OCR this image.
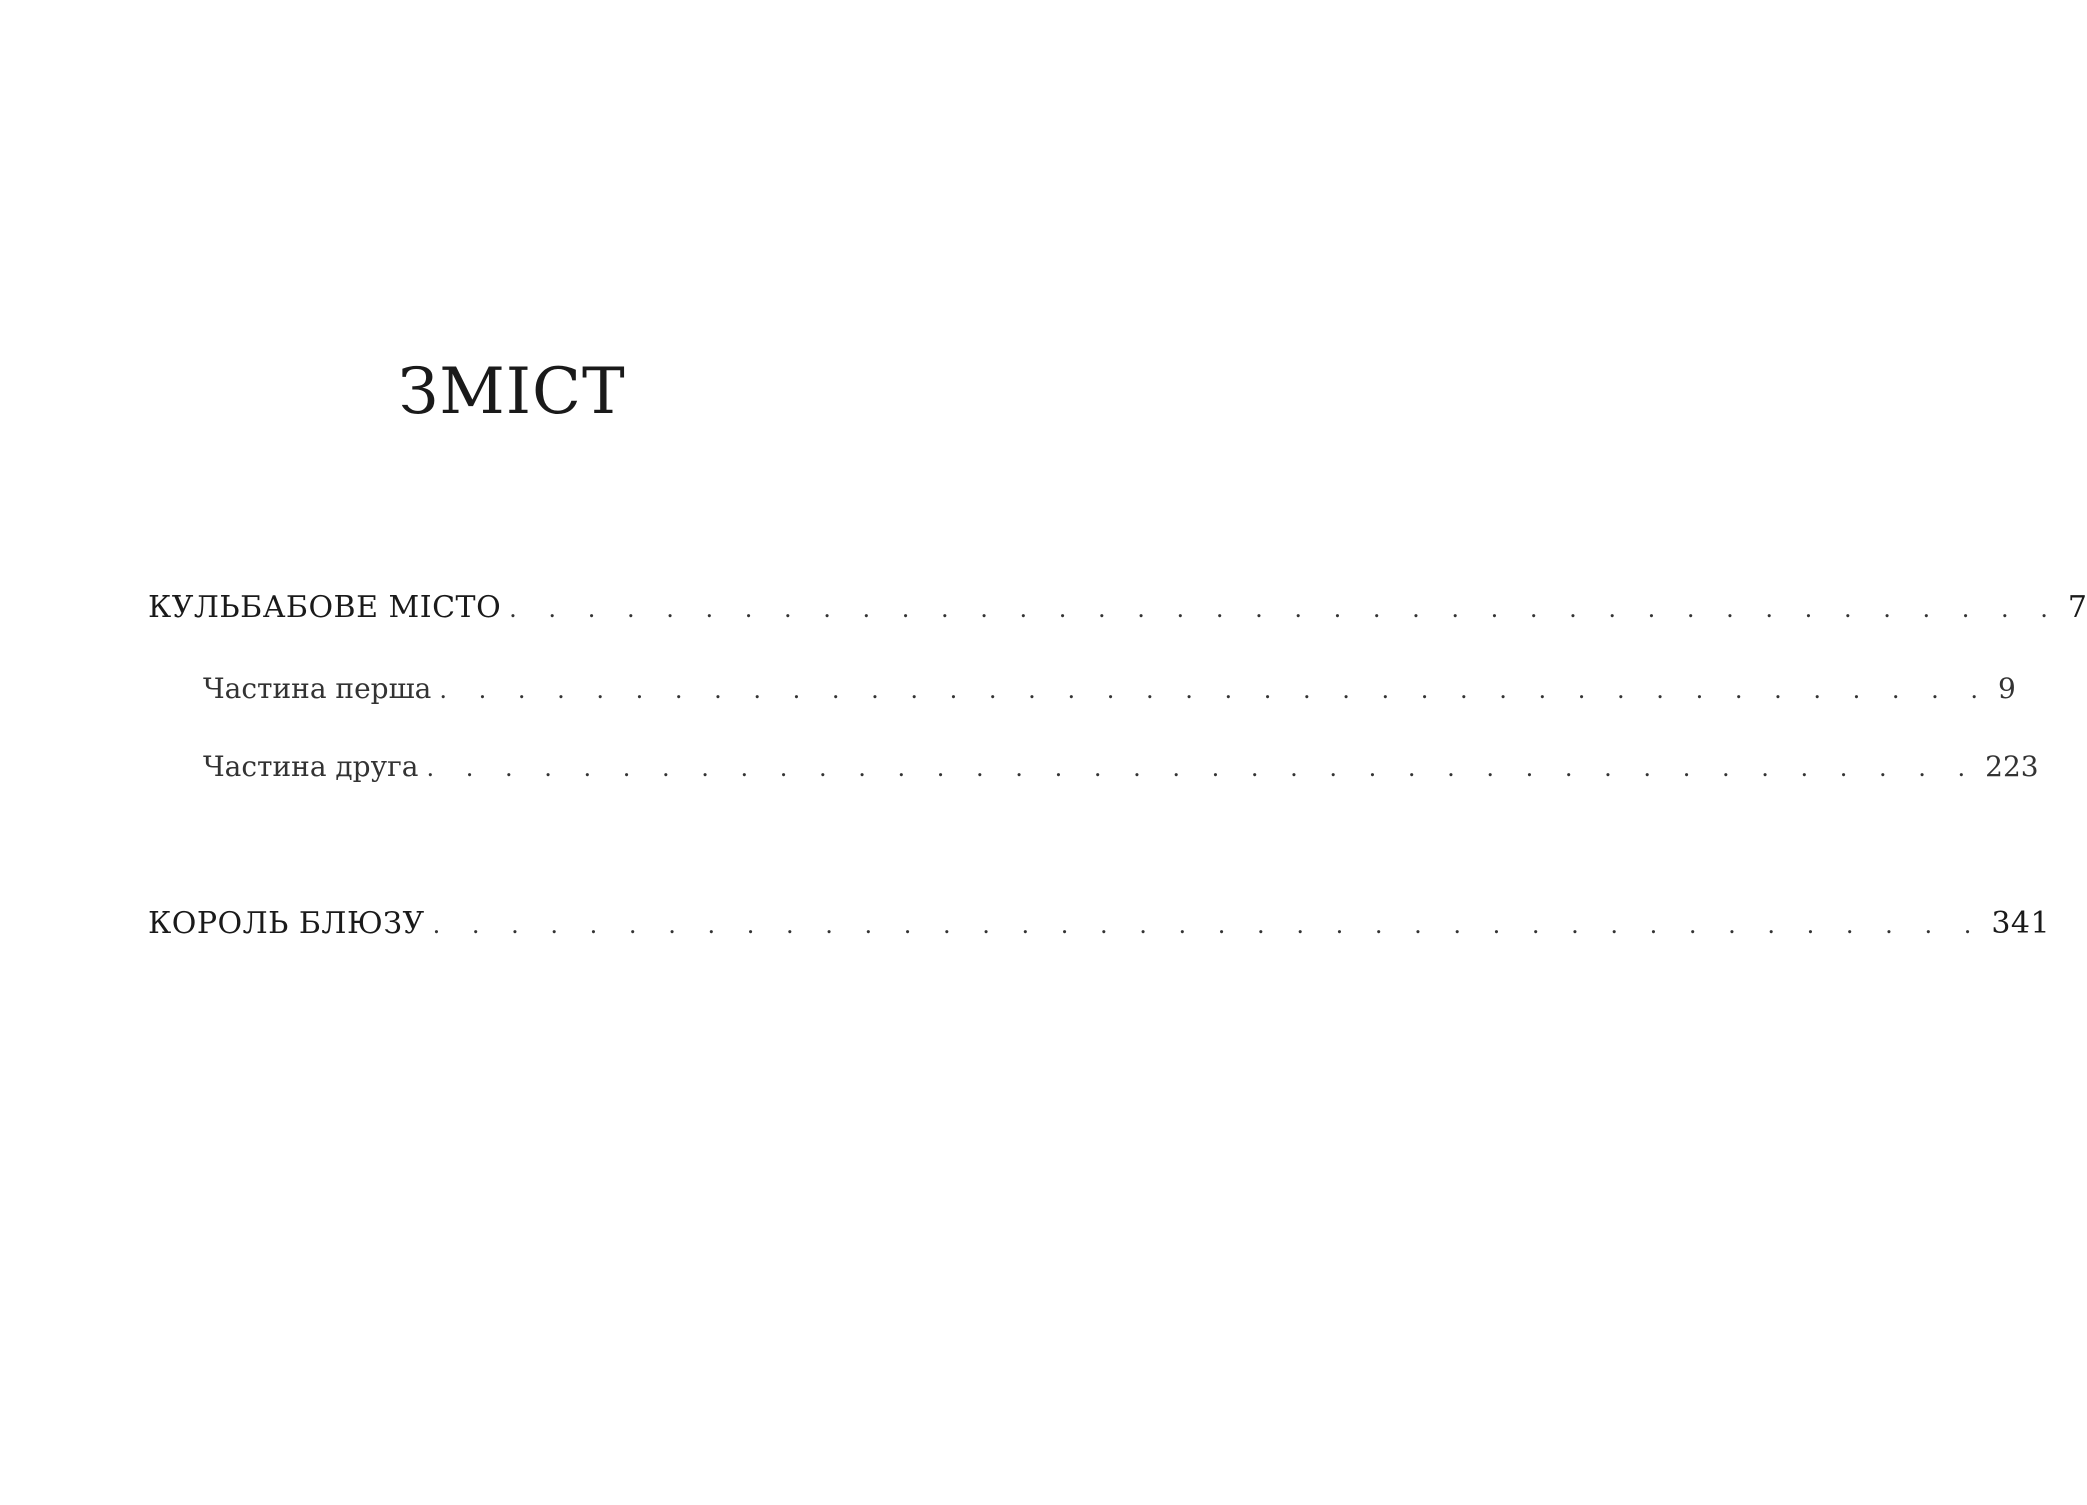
ЗМІСТ
КУЛЬБАБОВЕ МІСТО . . . . . . . . . . . . . . . . . . . . . . . . . . . . . . . . . . . . . . . . 7
Частина перша . . . . . . . . . . . . . . . . . . . . . . . . . . . . . . . . . . . . . . . . 9
Частина друга . . . . . . . . . . . . . . . . . . . . . . . . . . . . . . . . . . . . . . . . 223
КОРОЛЬ БЛЮЗУ . . . . . . . . . . . . . . . . . . . . . . . . . . . . . . . . . . . . . . . . 341
